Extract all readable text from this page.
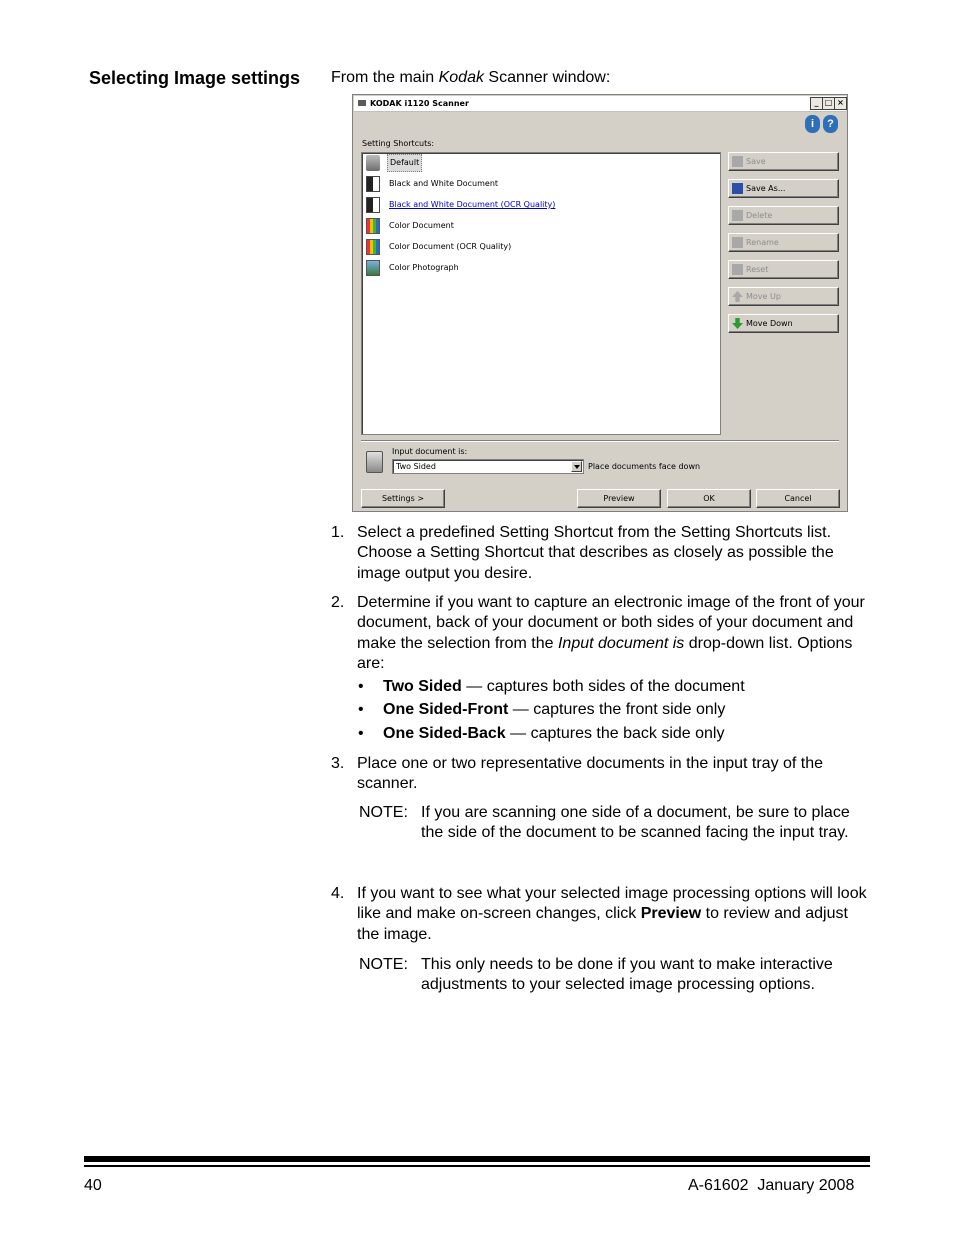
Selecting Image settings From the main Kodak Scanner window:
KODAK i1120 Scanner	_ □ ×
i	?
Setting Shortcuts:
Default
Black and White Document
Black and White Document (OCR Quality)
Color Document
Color Document (OCR Quality)
Color Photograph
Save
Save As...
Delete
Rename
Reset
Move Up
Move Down
Input document is:
Two Sided	Place documents face down
Settings >	Preview	OK	Cancel
1. Select a predefined Setting Shortcut from the Setting Shortcuts list. Choose a Setting Shortcut that describes as closely as possible the image output you desire.
2. Determine if you want to capture an electronic image of the front of your document, back of your document or both sides of your document and make the selection from the Input document is drop-down list. Options are:
• Two Sided — captures both sides of the document
• One Sided-Front — captures the front side only
• One Sided-Back — captures the back side only
3. Place one or two representative documents in the input tray of the scanner.
NOTE: If you are scanning one side of a document, be sure to place the side of the document to be scanned facing the input tray.
4. If you want to see what your selected image processing options will look like and make on-screen changes, click Preview to review and adjust the image.
NOTE: This only needs to be done if you want to make interactive adjustments to your selected image processing options.
40	A-61602  January 2008
